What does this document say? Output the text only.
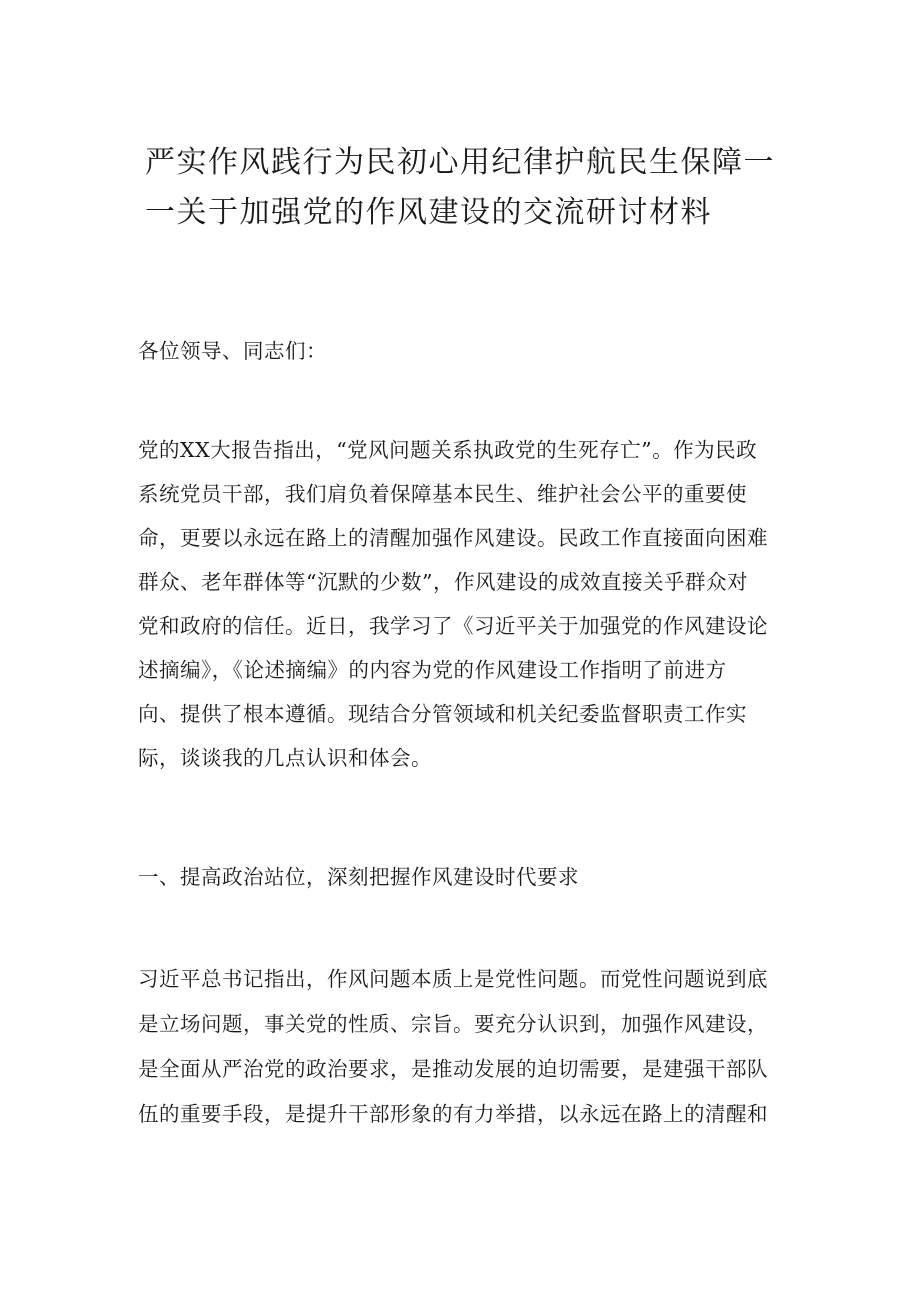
严实作风践行为民初心用纪律护航民生保障一
一关于加强党的作风建设的交流研讨材料

各位领导、同志们：

党的XX大报告指出，“党风问题关系执政党的生死存亡”。作为民政
系统党员干部，我们肩负着保障基本民生、维护社会公平的重要使
命，更要以永远在路上的清醒加强作风建设。民政工作直接面向困难
群众、老年群体等“沉默的少数”，作风建设的成效直接关乎群众对
党和政府的信任。近日，我学习了《习近平关于加强党的作风建设论
述摘编》，《论述摘编》的内容为党的作风建设工作指明了前进方
向、提供了根本遵循。现结合分管领域和机关纪委监督职责工作实
际，谈谈我的几点认识和体会。

一、提高政治站位，深刻把握作风建设时代要求

习近平总书记指出，作风问题本质上是党性问题。而党性问题说到底
是立场问题，事关党的性质、宗旨。要充分认识到，加强作风建设，
是全面从严治党的政治要求，是推动发展的迫切需要，是建强干部队
伍的重要手段，是提升干部形象的有力举措，以永远在路上的清醒和
